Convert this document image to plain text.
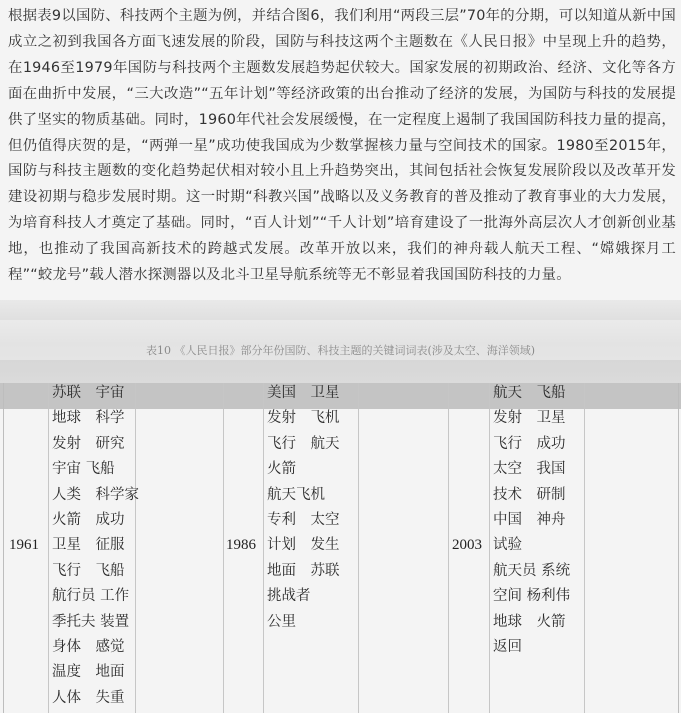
根据表9以国防、科技两个主题为例，并结合图6，我们利用“两段三层”70年的分期，可以知道从新中国成立之初到我国各方面飞速发展的阶段，国防与科技这两个主题数在《人民日报》中呈现上升的趋势，在1946至1979年国防与科技两个主题数发展趋势起伏较大。国家发展的初期政治、经济、文化等各方面在曲折中发展，“三大改造”“五年计划”等经济政策的出台推动了经济的发展，为国防与科技的发展提供了坚实的物质基础。同时，1960年代社会发展缓慢，在一定程度上遏制了我国国防科技力量的提高，但仍值得庆贺的是，“两弹一星”成功使我国成为少数掌握核力量与空间技术的国家。1980至2015年，国防与科技主题数的变化趋势起伏相对较小且上升趋势突出，其间包括社会恢复发展阶段以及改革开发建设初期与稳步发展时期。这一时期“科教兴国”战略以及义务教育的普及推动了教育事业的大力发展，为培育科技人才奠定了基础。同时，“百人计划”“千人计划”培育建设了一批海外高层次人才创新创业基地，也推动了我国高新技术的跨越式发展。改革开放以来，我们的神舟载人航天工程、“嫦娥探月工程”“蛟龙号”载人潜水探测器以及北斗卫星导航系统等无不彰显着我国国防科技的力量。
表10 《人民日报》部分年份国防、科技主题的关键词词表(涉及太空、海洋领域)
1961
苏联　宇宙
地球　科学
发射　研究
宇宙 飞船
人类　科学家
火箭　成功
卫星　征服
飞行　飞船
航行员 工作
季托夫 装置
身体　感觉
温度　地面
人体　失重
1986
美国　卫星
发射　飞机
飞行　航天
火箭
航天飞机
专利　太空
计划　发生
地面　苏联
挑战者
公里
2003
航天　飞船
发射　卫星
飞行　成功
太空　我国
技术　研制
中国　神舟
试验
航天员 系统
空间 杨利伟
地球　火箭
返回
